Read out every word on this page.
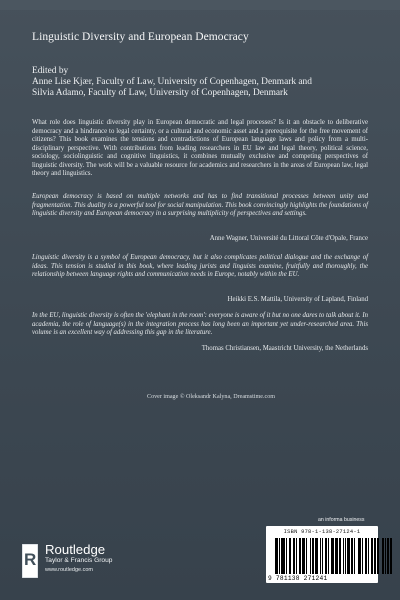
Linguistic Diversity and European Democracy
Edited by
Anne Lise Kjær, Faculty of Law, University of Copenhagen, Denmark and
Silvia Adamo, Faculty of Law, University of Copenhagen, Denmark
What role does linguistic diversity play in European democratic and legal processes? Is it an obstacle to deliberative democracy and a hindrance to legal certainty, or a cultural and economic asset and a prerequisite for the free movement of citizens? This book examines the tensions and contradictions of European language laws and policy from a multi-disciplinary perspective. With contributions from leading researchers in EU law and legal theory, political science, sociology, sociolinguistic and cognitive linguistics, it combines mutually exclusive and competing perspectives of linguistic diversity. The work will be a valuable resource for academics and researchers in the areas of European law, legal theory and linguistics.
European democracy is based on multiple networks and has to find transitional processes between unity and fragmentation. This duality is a powerful tool for social manipulation. This book convincingly highlights the foundations of linguistic diversity and European democracy in a surprising multiplicity of perspectives and settings.
Anne Wagner, Université du Littoral Côte d'Opale, France
Linguistic diversity is a symbol of European democracy, but it also complicates political dialogue and the exchange of ideas. This tension is studied in this book, where leading jurists and linguists examine, fruitfully and thoroughly, the relationship between language rights and communication needs in Europe, notably within the EU.
Heikki E.S. Mattila, University of Lapland, Finland
In the EU, linguistic diversity is often the 'elephant in the room': everyone is aware of it but no one dares to talk about it. In academia, the role of language(s) in the integration process has long been an important yet under-researched area. This volume is an excellent way of addressing this gap in the literature.
Thomas Christiansen, Maastricht University, the Netherlands
Cover image © Oleksandr Kalyna, Dreamstime.com
an informa business
ISBN 978-1-138-27124-1
9 781138 271241
R
Routledge
Taylor & Francis Group
www.routledge.com
